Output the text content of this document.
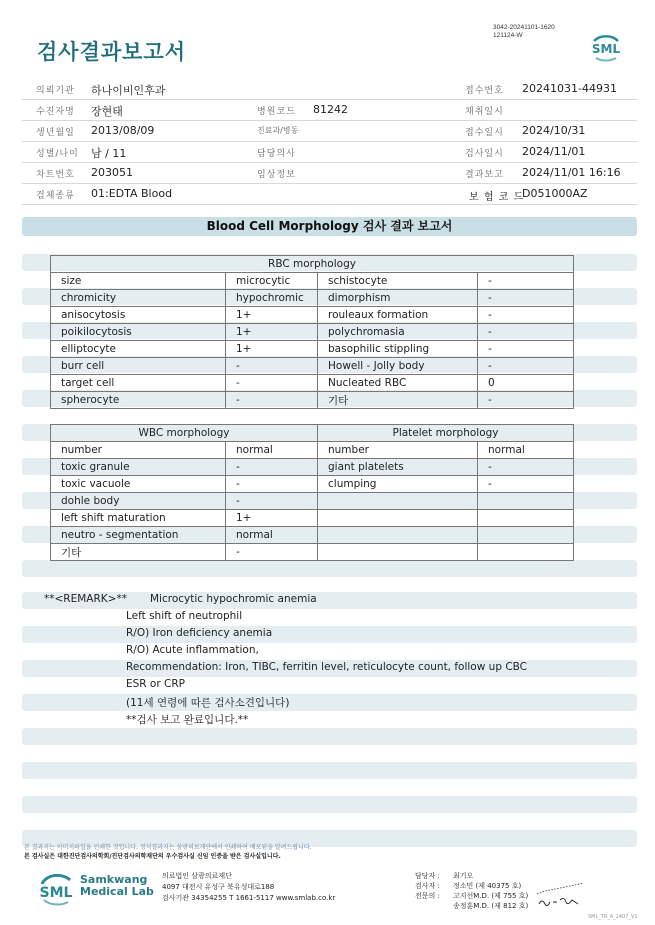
검사결과보고서
3042-20241101-1620
121124-W
SML
의뢰기관 하나이비인후과	접수번호 20241031-44931
수진자명 장현태	병원코드 81242	채취일시
생년월일 2013/08/09	진료과/병동	접수일시 2024/10/31
성별/나이 남 / 11	담당의사	검사일시 2024/11/01
차트번호 203051	임상정보	결과보고 2024/11/01 16:16
검체종류 01:EDTA Blood	보 험 코 드
D051000AZ
Blood Cell Morphology 검사 결과 보고서
RBC morphology			
size	microcytic	schistocyte	-
chromicity	hypochromic	dimorphism	-
anisocytosis	1+	rouleaux formation	-
poikilocytosis	1+	polychromasia	-
elliptocyte	1+	basophilic stippling	-
burr cell	-	Howell - Jolly body	-
target cell	-	Nucleated RBC	0
spherocyte	-	기타	-
WBC morphology		Platelet morphology	
number	normal	number	normal
toxic granule	-	giant platelets	-
toxic vacuole	-	clumping	-
dohle body	-		
left shift maturation	1+		
neutro - segmentation	normal		
기타	-		
**<REMARK>** Microcytic hypochromic anemia
Left shift of neutrophil
R/O) Iron deficiency anemia
R/O) Acute inflammation,
Recommendation: Iron, TIBC, ferritin level, reticulocyte count, follow up CBC
ESR or CRP
(11세 연령에 따른 검사소견입니다)
**검사 보고 완료입니다.**
본 결과지는 이미지파일을 인쇄한 것입니다. 정식결과지는 삼광의료재단에서 인쇄하여 배포됨을 알려드립니다.
본 검사실은 대한진단검사의학회/진단검사의학재단의 우수검사실 신임 인증을 받은 검사실입니다.
SML
Samkwang
Medical Lab
의료법인 삼광의료재단
4097 대전시 유성구 북유성대로188
검사기관 34354255 T 1661-5117 www.smlab.co.kr
담당자 :	최기오
검사자 :	정소민 (제 40375 호)
전문의 :	고지선M.D. (제 755 호)
송정훈M.D. (제 812 호)
SML_TR_A_2407_V1
